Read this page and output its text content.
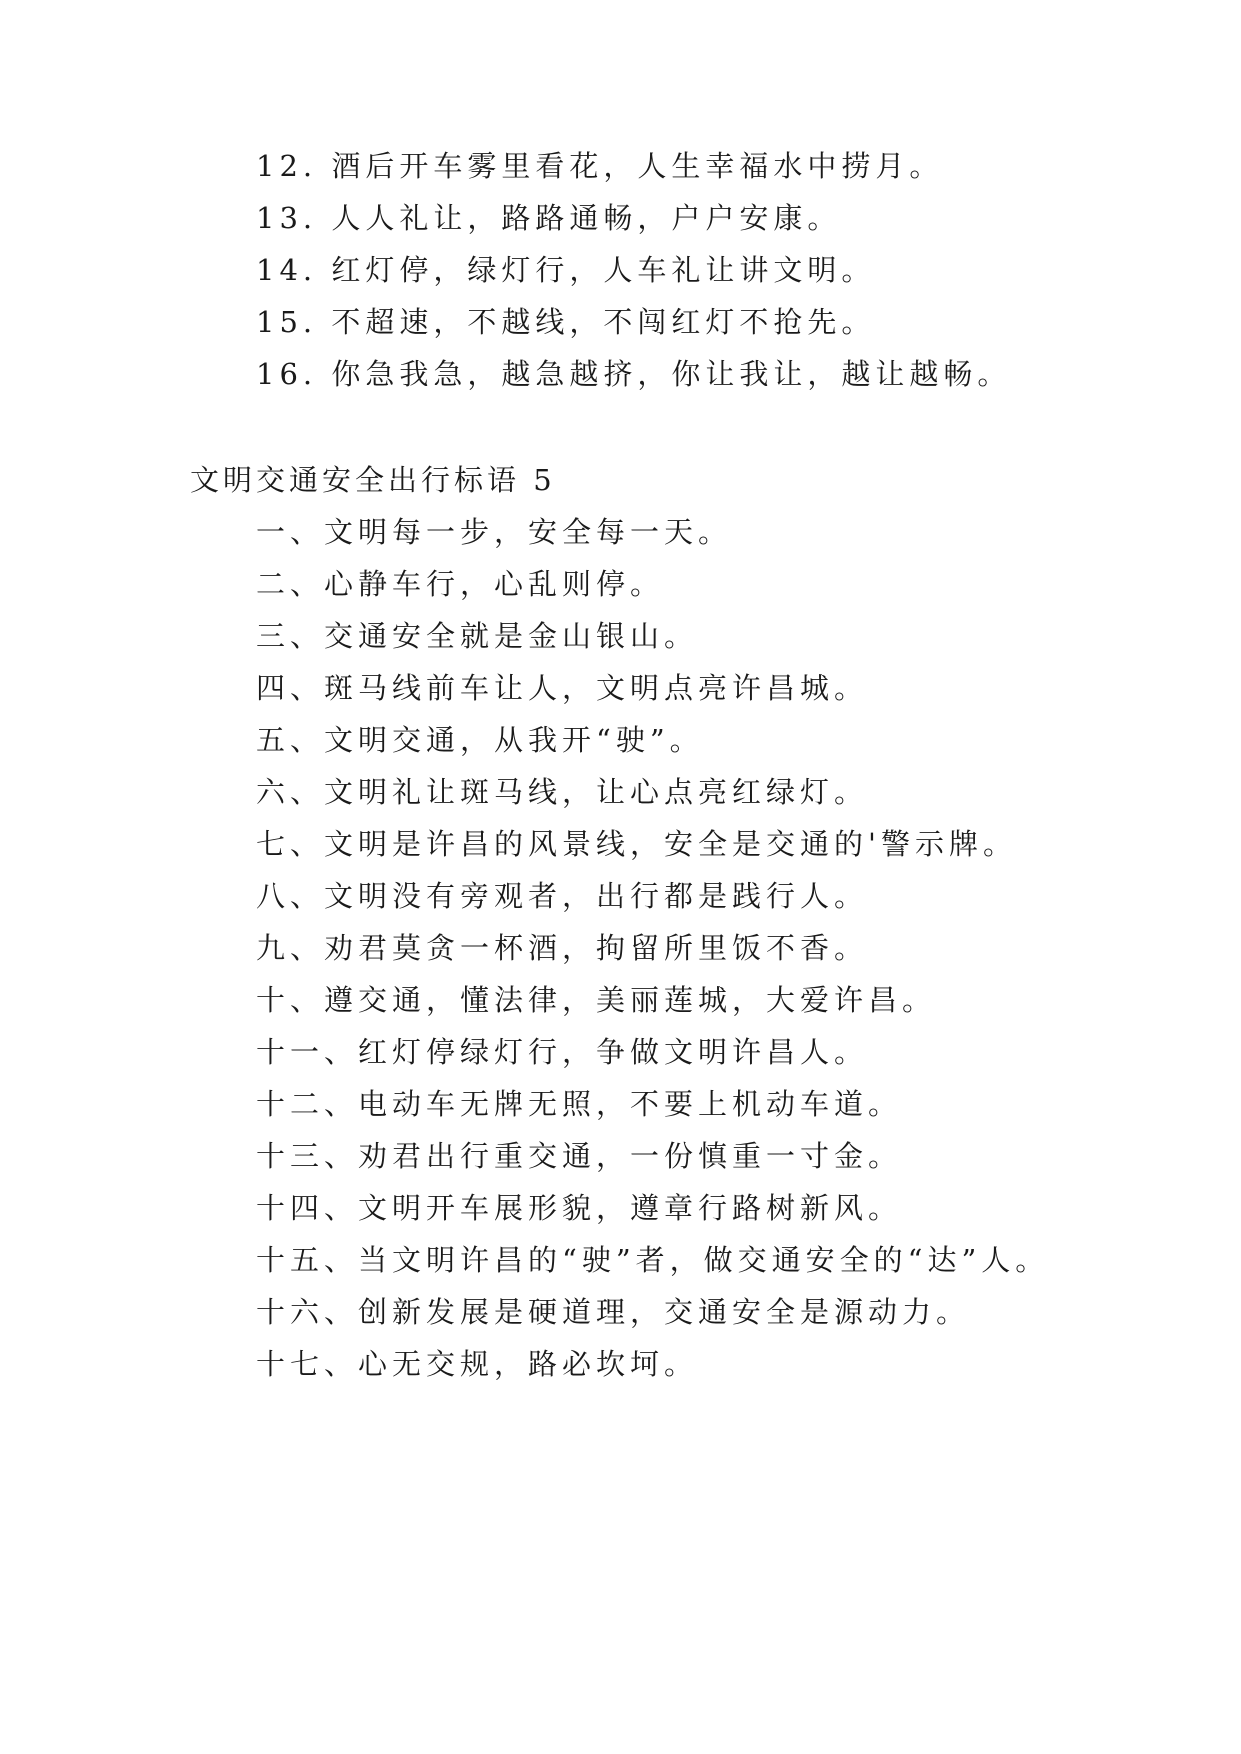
12. 酒后开车雾里看花，人生幸福水中捞月。
13. 人人礼让，路路通畅，户户安康。
14. 红灯停，绿灯行，人车礼让讲文明。
15. 不超速，不越线，不闯红灯不抢先。
16. 你急我急，越急越挤，你让我让，越让越畅。
文明交通安全出行标语 5
一、文明每一步，安全每一天。
二、心静车行，心乱则停。
三、交通安全就是金山银山。
四、斑马线前车让人，文明点亮许昌城。
五、文明交通，从我开“驶”。
六、文明礼让斑马线，让心点亮红绿灯。
七、文明是许昌的风景线，安全是交通的'警示牌。
八、文明没有旁观者，出行都是践行人。
九、劝君莫贪一杯酒，拘留所里饭不香。
十、遵交通，懂法律，美丽莲城，大爱许昌。
十一、红灯停绿灯行，争做文明许昌人。
十二、电动车无牌无照，不要上机动车道。
十三、劝君出行重交通，一份慎重一寸金。
十四、文明开车展形貌，遵章行路树新风。
十五、当文明许昌的“驶”者，做交通安全的“达”人。
十六、创新发展是硬道理，交通安全是源动力。
十七、心无交规，路必坎坷。
